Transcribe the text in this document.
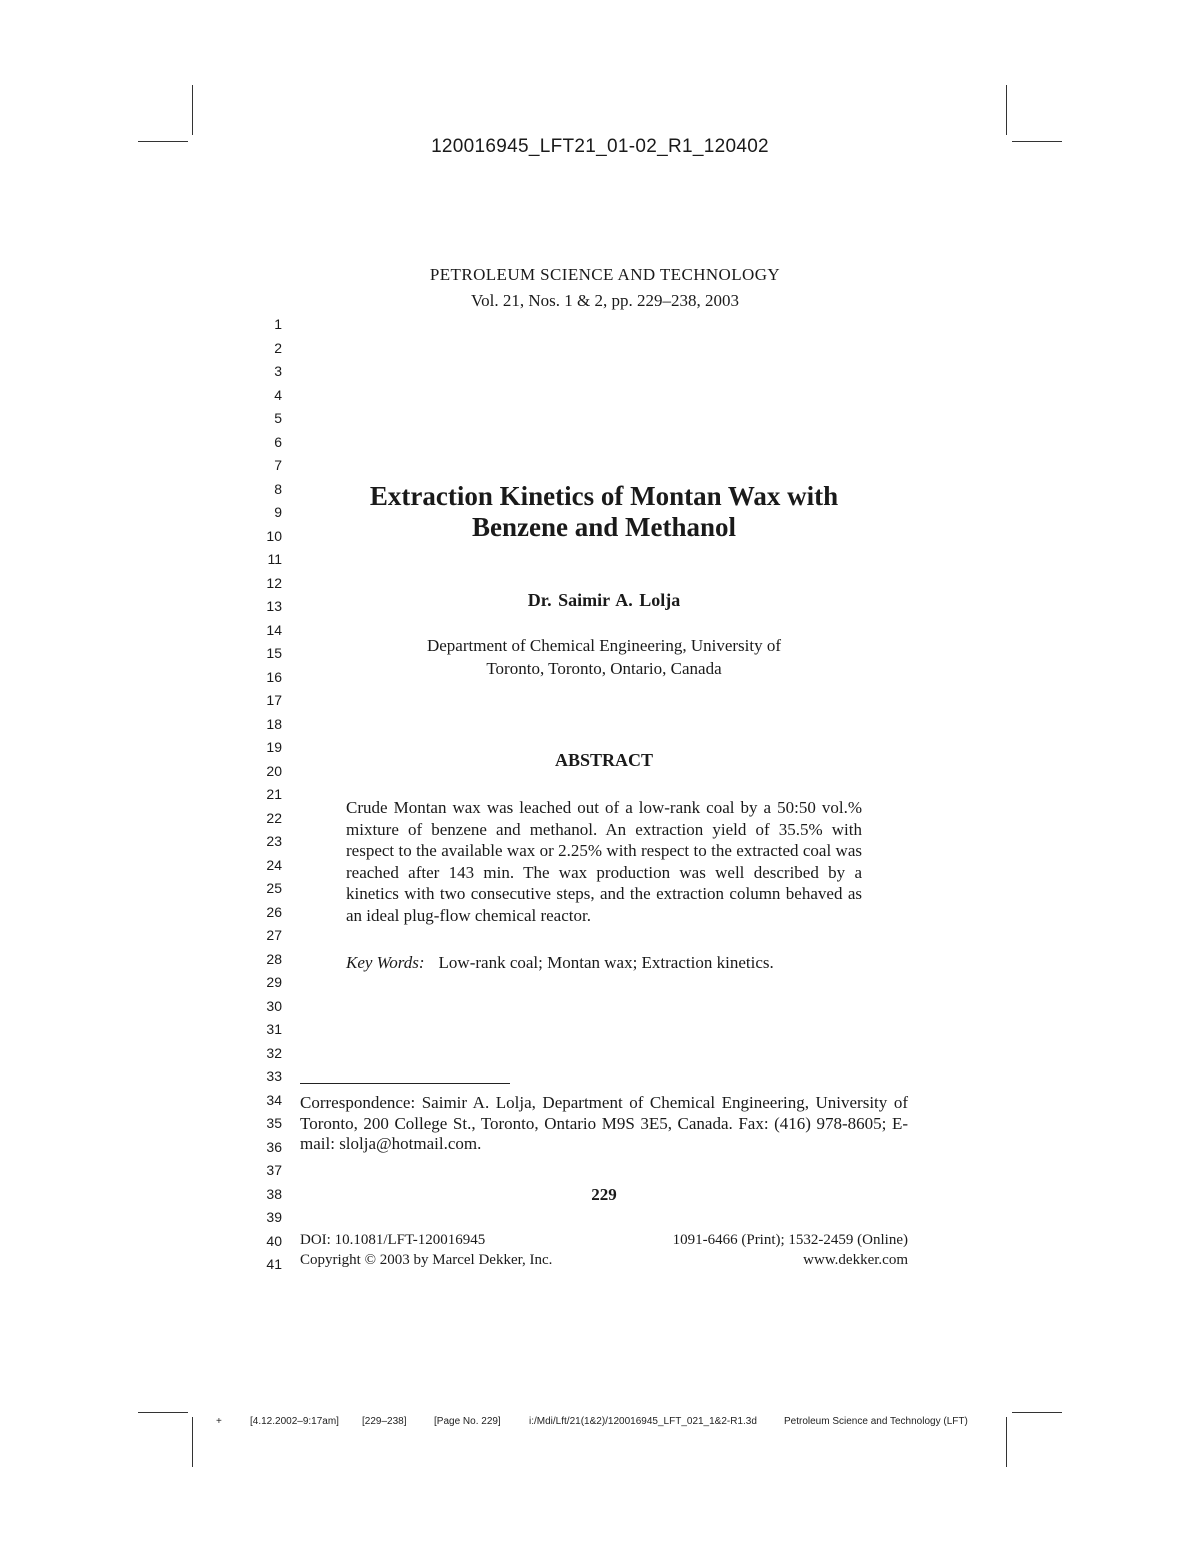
120016945_LFT21_01-02_R1_120402
PETROLEUM SCIENCE AND TECHNOLOGY
Vol. 21, Nos. 1 & 2, pp. 229–238, 2003
1
2
3
4
5
6
7
8
9
10
11
12
13
14
15
16
17
18
19
20
21
22
23
24
25
26
27
28
29
30
31
32
33
34
35
36
37
38
39
40
41
Extraction Kinetics of Montan Wax with
Benzene and Methanol
Dr. Saimir A. Lolja
Department of Chemical Engineering, University of
Toronto, Toronto, Ontario, Canada
ABSTRACT
Crude Montan wax was leached out of a low-rank coal by a 50:50 vol.% mixture of benzene and methanol. An extraction yield of 35.5% with respect to the available wax or 2.25% with respect to the extracted coal was reached after 143 min. The wax production was well described by a kinetics with two consecutive steps, and the extraction column behaved as an ideal plug-flow chemical reactor.
Key Words: Low-rank coal; Montan wax; Extraction kinetics.
Correspondence: Saimir A. Lolja, Department of Chemical Engineering, University of Toronto, 200 College St., Toronto, Ontario M9S 3E5, Canada. Fax: (416) 978-8605; E-mail: slolja@hotmail.com.
229
DOI: 10.1081/LFT-120016945	1091-6466 (Print); 1532-2459 (Online)
Copyright © 2003 by Marcel Dekker, Inc.	www.dekker.com
+	[4.12.2002–9:17am] [229–238]	[Page No. 229]	i:/Mdi/Lft/21(1&2)/120016945_LFT_021_1&2-R1.3d	Petroleum Science and Technology (LFT)
